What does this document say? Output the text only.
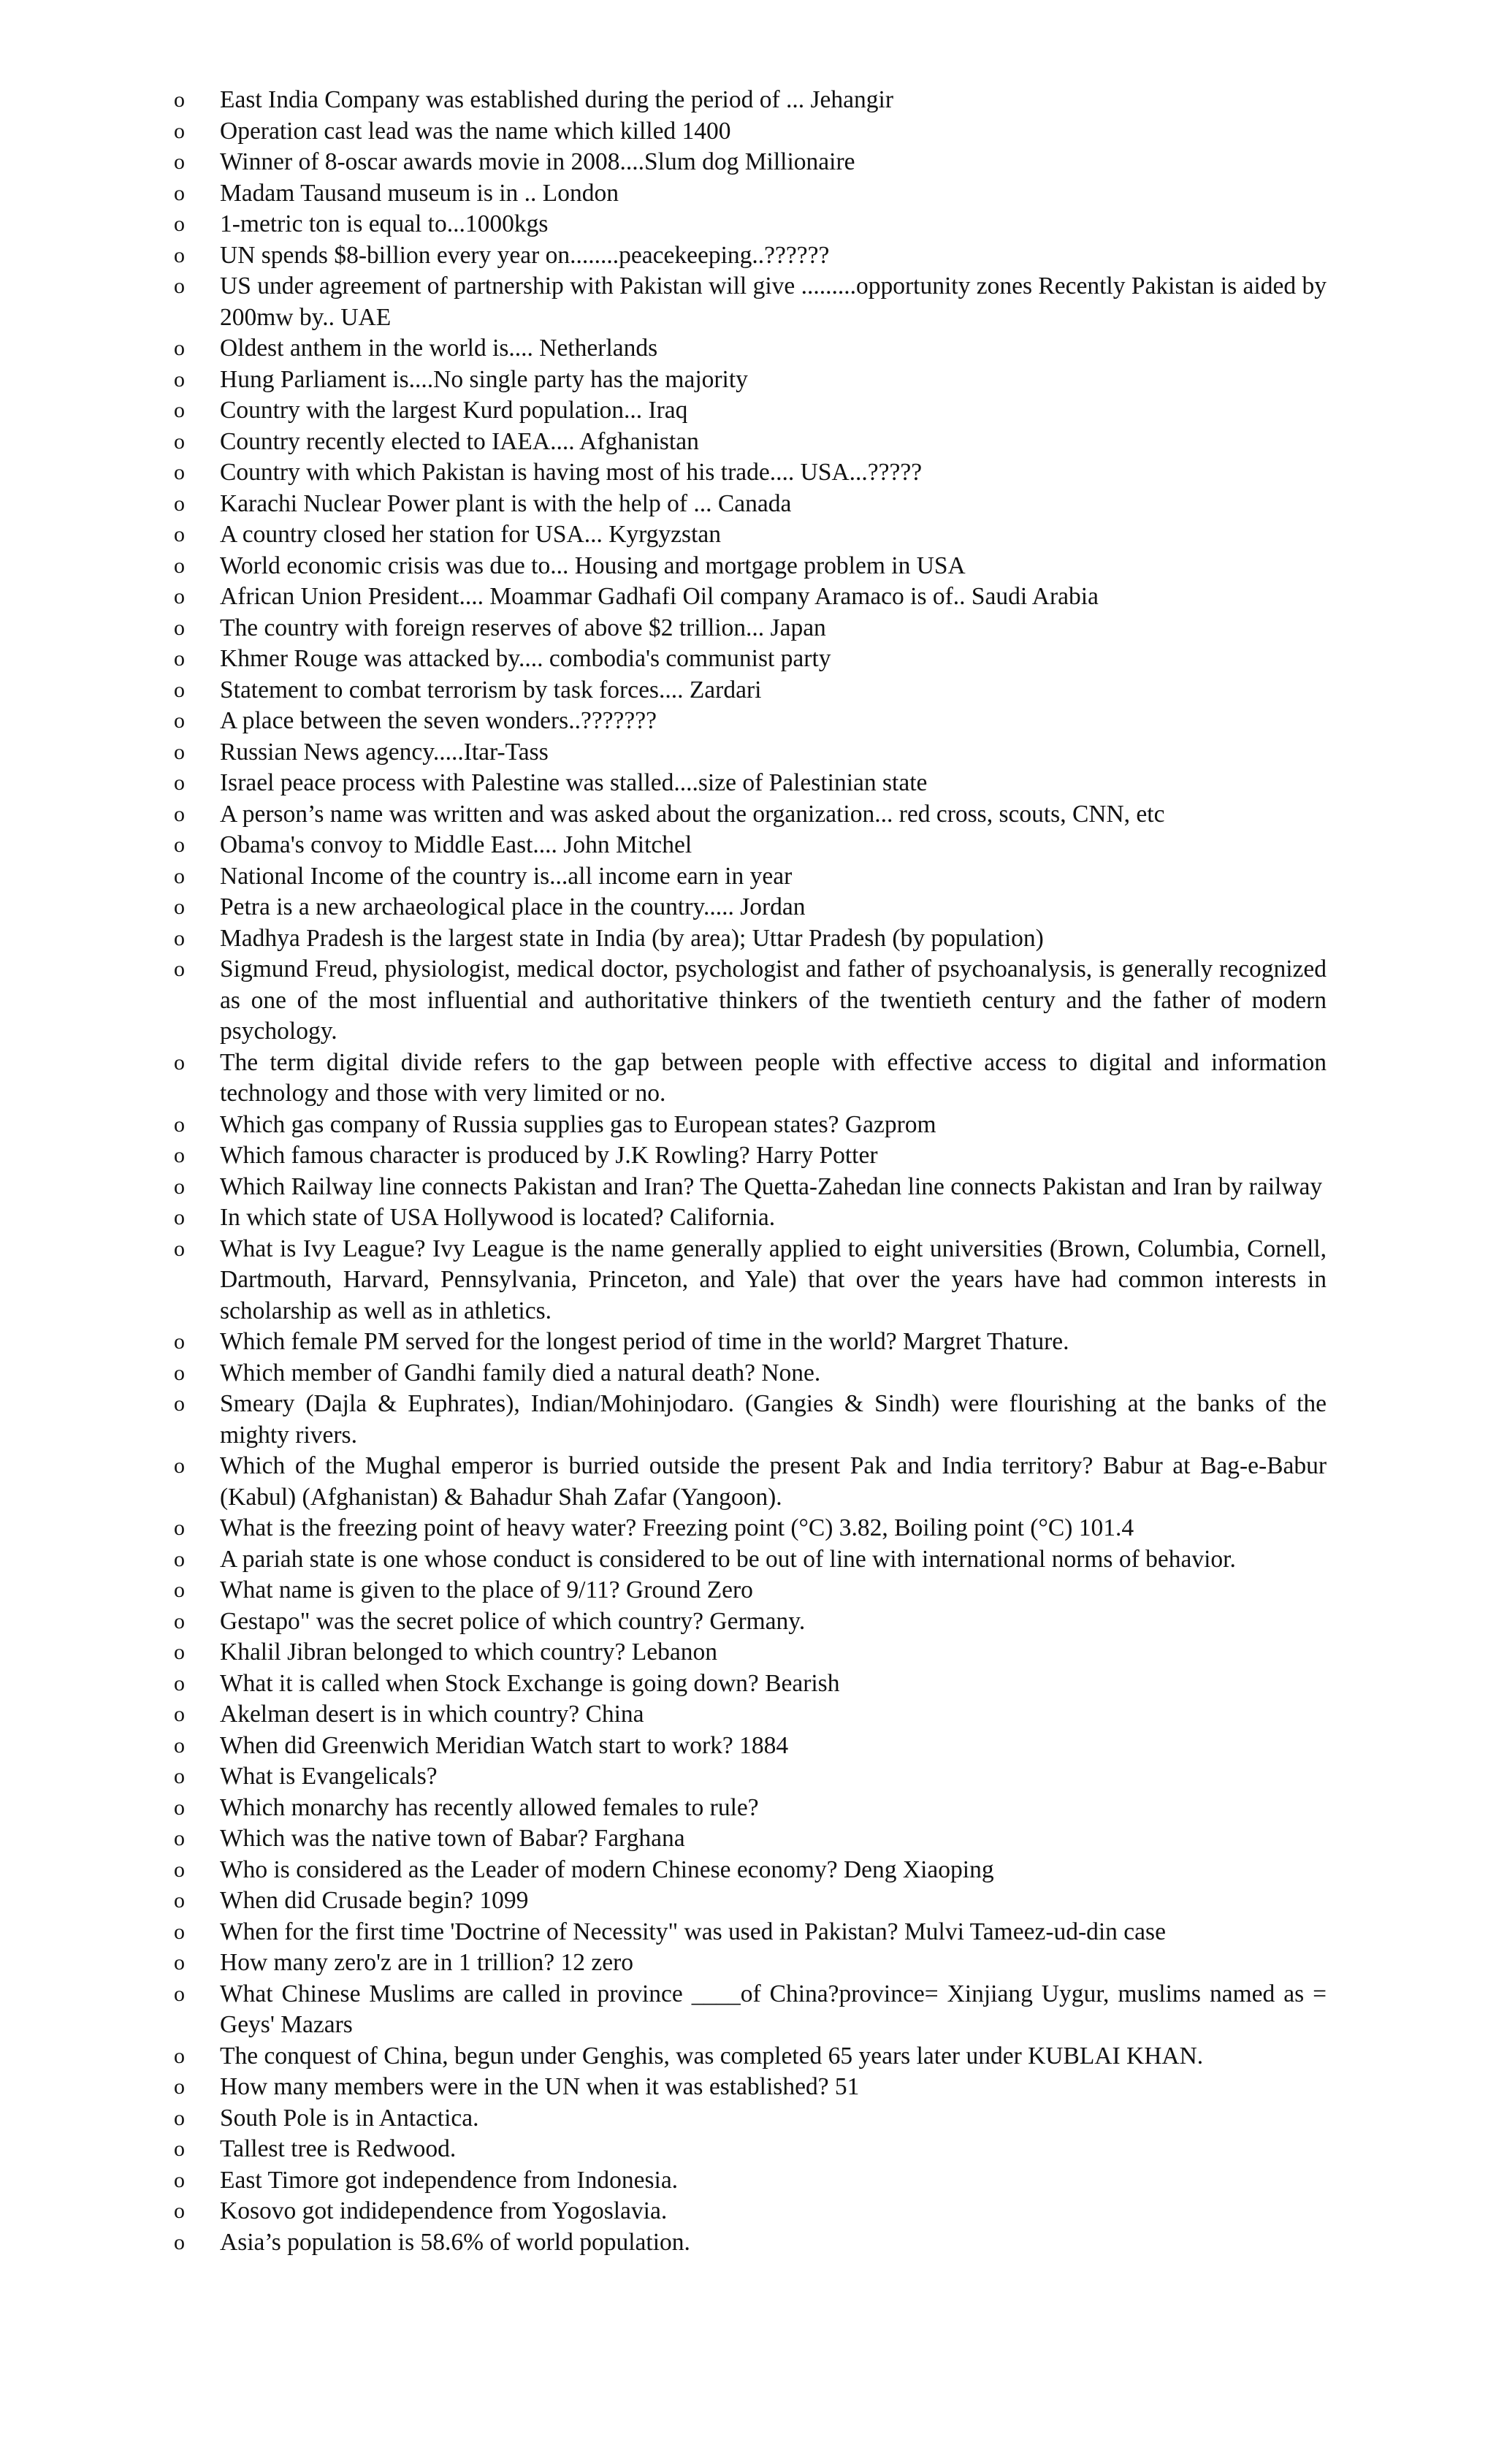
o East India Company was established during the period of ... Jehangir
o Operation cast lead was the name which killed 1400
o Winner of 8-oscar awards movie in 2008....Slum dog Millionaire
o Madam Tausand museum is in .. London
o 1-metric ton is equal to...1000kgs
o UN spends $8-billion every year on........peacekeeping..??????
o US under agreement of partnership with Pakistan will give .........opportunity zones Recently Pakistan is aided by 200mw by.. UAE
o Oldest anthem in the world is.... Netherlands
o Hung Parliament is....No single party has the majority
o Country with the largest Kurd population... Iraq
o Country recently elected to IAEA.... Afghanistan
o Country with which Pakistan is having most of his trade.... USA...?????
o Karachi Nuclear Power plant is with the help of ... Canada
o A country closed her station for USA... Kyrgyzstan
o World economic crisis was due to... Housing and mortgage problem in USA
o African Union President.... Moammar Gadhafi Oil company Aramaco is of.. Saudi Arabia
o The country with foreign reserves of above $2 trillion... Japan
o Khmer Rouge was attacked by.... combodia's communist party
o Statement to combat terrorism by task forces.... Zardari
o A place between the seven wonders..???????
o Russian News agency.....Itar-Tass
o Israel peace process with Palestine was stalled....size of Palestinian state
o A person’s name was written and was asked about the organization... red cross, scouts, CNN, etc
o Obama's convoy to Middle East.... John Mitchel
o National Income of the country is...all income earn in year
o Petra is a new archaeological place in the country..... Jordan
o Madhya Pradesh is the largest state in India (by area); Uttar Pradesh (by population)
o Sigmund Freud, physiologist, medical doctor, psychologist and father of psychoanalysis, is generally recognized as one of the most influential and authoritative thinkers of the twentieth century and the father of modern psychology.
o The term digital divide refers to the gap between people with effective access to digital and information technology and those with very limited or no.
o Which gas company of Russia supplies gas to European states? Gazprom
o Which famous character is produced by J.K Rowling? Harry Potter
o Which Railway line connects Pakistan and Iran? The Quetta-Zahedan line connects Pakistan and Iran by railway
o In which state of USA Hollywood is located? California.
o What is Ivy League? Ivy League is the name generally applied to eight universities (Brown, Columbia, Cornell, Dartmouth, Harvard, Pennsylvania, Princeton, and Yale) that over the years have had common interests in scholarship as well as in athletics.
o Which female PM served for the longest period of time in the world? Margret Thature.
o Which member of Gandhi family died a natural death? None.
o Smeary (Dajla & Euphrates), Indian/Mohinjodaro. (Gangies & Sindh) were flourishing at the banks of the mighty rivers.
o Which of the Mughal emperor is burried outside the present Pak and India territory? Babur at Bag-e-Babur (Kabul) (Afghanistan) & Bahadur Shah Zafar (Yangoon).
o What is the freezing point of heavy water? Freezing point (°C) 3.82, Boiling point (°C) 101.4
o A pariah state is one whose conduct is considered to be out of line with international norms of behavior.
o What name is given to the place of 9/11? Ground Zero
o Gestapo" was the secret police of which country? Germany.
o Khalil Jibran belonged to which country? Lebanon
o What it is called when Stock Exchange is going down? Bearish
o Akelman desert is in which country? China
o When did Greenwich Meridian Watch start to work? 1884
o What is Evangelicals?
o Which monarchy has recently allowed females to rule?
o Which was the native town of Babar? Farghana
o Who is considered as the Leader of modern Chinese economy? Deng Xiaoping
o When did Crusade begin? 1099
o When for the first time 'Doctrine of Necessity" was used in Pakistan? Mulvi Tameez-ud-din case
o How many zero'z are in 1 trillion? 12 zero
o What Chinese Muslims are called in province ____of China?province= Xinjiang Uygur, muslims named as = Geys' Mazars
o The conquest of China, begun under Genghis, was completed 65 years later under KUBLAI KHAN.
o How many members were in the UN when it was established? 51
o South Pole is in Antactica.
o Tallest tree is Redwood.
o East Timore got independence from Indonesia.
o Kosovo got indidependence from Yogoslavia.
o Asia’s population is 58.6% of world population.
